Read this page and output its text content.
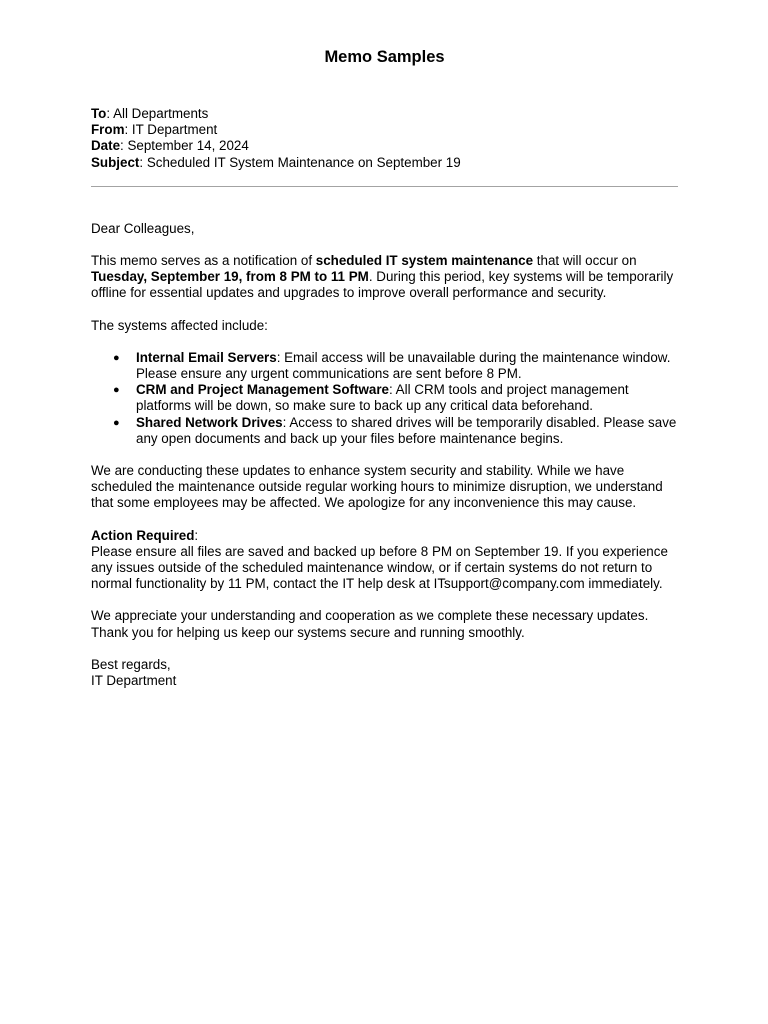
Memo Samples

To: All Departments

From: IT Department

Date: September 14, 2024

Subject: Scheduled IT System Maintenance on September 19

Dear Colleagues,

This memo serves as a notification of scheduled IT system maintenance that will occur on Tuesday, September 19, from 8 PM to 11 PM. During this period, key systems will be temporarily offline for essential updates and upgrades to improve overall performance and security.

The systems affected include:

● Internal Email Servers: Email access will be unavailable during the maintenance window. Please ensure any urgent communications are sent before 8 PM.
● CRM and Project Management Software: All CRM tools and project management platforms will be down, so make sure to back up any critical data beforehand.
● Shared Network Drives: Access to shared drives will be temporarily disabled. Please save any open documents and back up your files before maintenance begins.

We are conducting these updates to enhance system security and stability. While we have scheduled the maintenance outside regular working hours to minimize disruption, we understand that some employees may be affected. We apologize for any inconvenience this may cause.

Action Required:

Please ensure all files are saved and backed up before 8 PM on September 19. If you experience any issues outside of the scheduled maintenance window, or if certain systems do not return to normal functionality by 11 PM, contact the IT help desk at ITsupport@company.com immediately.

We appreciate your understanding and cooperation as we complete these necessary updates. Thank you for helping us keep our systems secure and running smoothly.

Best regards,

IT Department
